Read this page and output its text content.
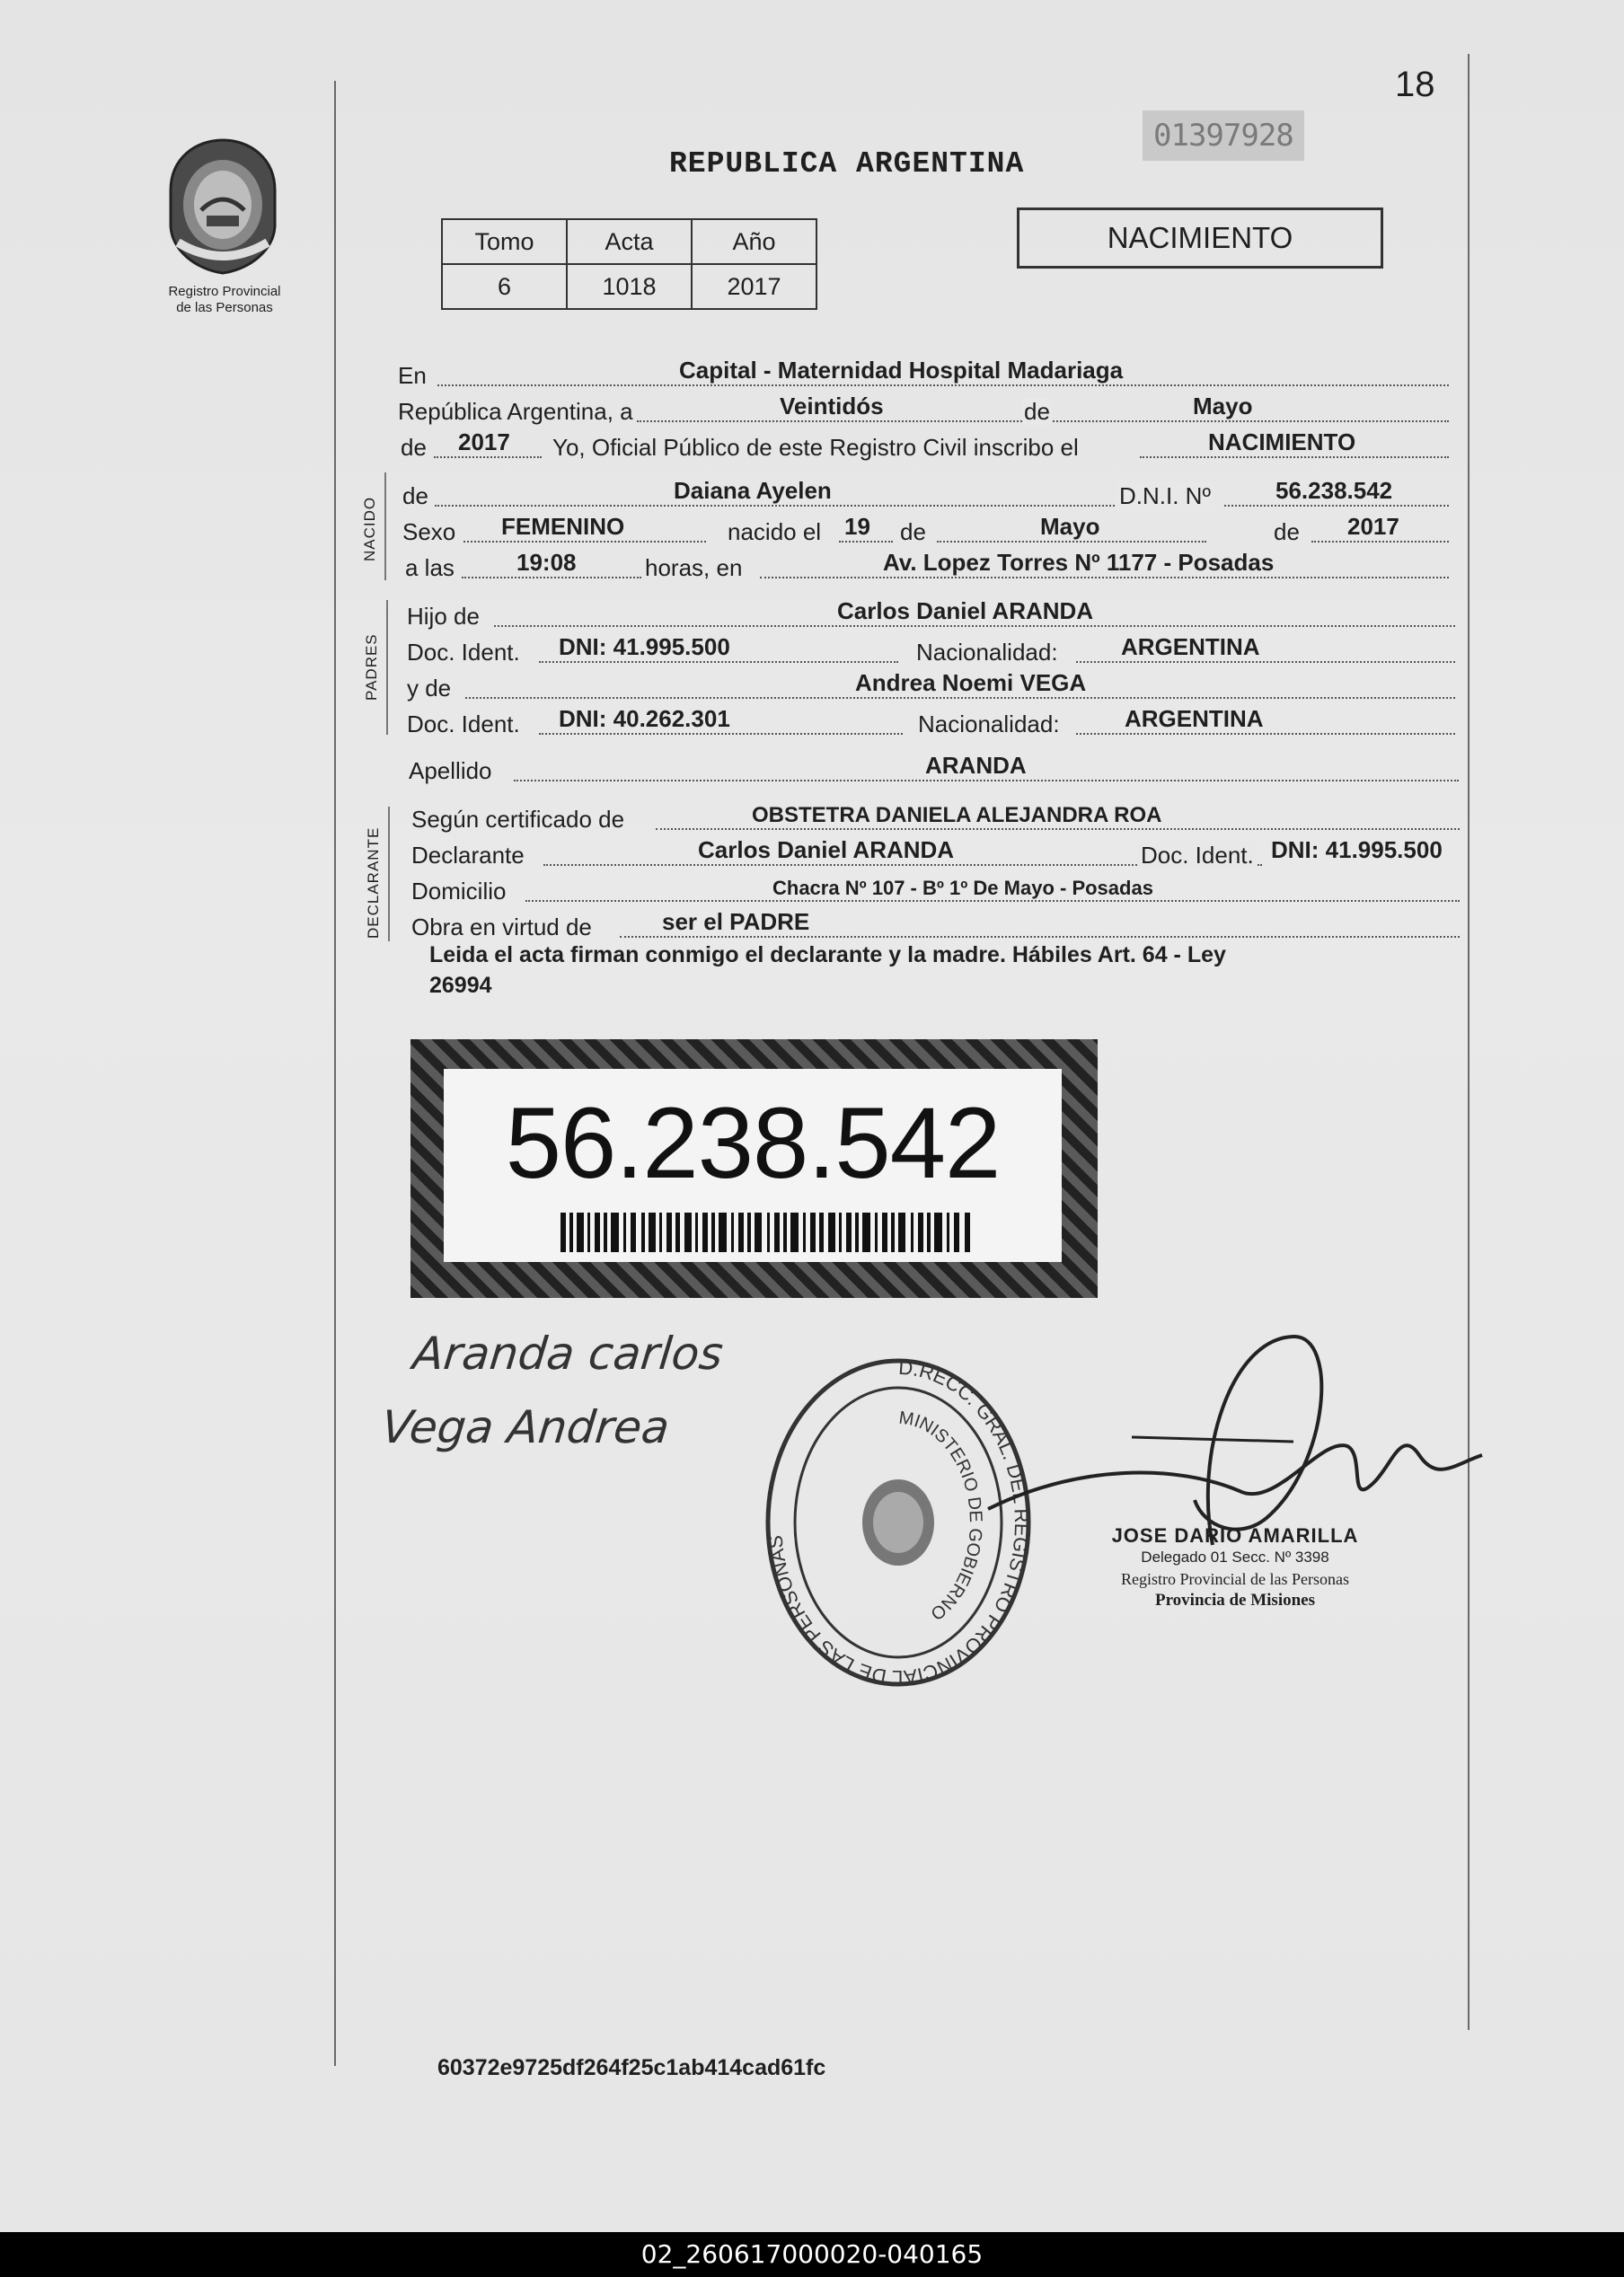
18
Registro Provincial
de las Personas
REPUBLICA ARGENTINA
01397928
Tomo	Acta	Año
6	1018	2017
NACIMIENTO
En	Capital - Maternidad Hospital Madariaga
República Argentina, a	Veintidós	de	Mayo
de 2017 Yo, Oficial Público de este Registro Civil inscribo el	NACIMIENTO
NACIDO
de	Daiana Ayelen	D.N.I. Nº	56.238.542
Sexo FEMENINO	nacido el 19 de	Mayo	de 2017
a las	19:08	horas, en	Av. Lopez Torres Nº 1177 - Posadas
PADRES
Hijo de	Carlos Daniel ARANDA
Doc. Ident. DNI: 41.995.500	Nacionalidad:	ARGENTINA
y de	Andrea Noemi VEGA
Doc. Ident. DNI: 40.262.301	Nacionalidad:	ARGENTINA
Apellido	ARANDA
DECLARANTE
Según certificado de	OBSTETRA DANIELA ALEJANDRA ROA
Declarante	Carlos Daniel ARANDA	Doc. Ident. DNI: 41.995.500
Domicilio	Chacra Nº 107 - Bº 1º De Mayo - Posadas
Obra en virtud de	ser el PADRE
Leida el acta firman conmigo el declarante y la madre. Hábiles Art. 64 - Ley
26994
56.238.542
Aranda carlos
Vega Andrea
D.RECC. GRAL. DEL REGISTRO PROVINCIAL DE LAS PERSONAS
MINISTERIO DE GOBIERNO
JOSE DARIO AMARILLA
Delegado 01 Secc. Nº 3398
Registro Provincial de las Personas
Provincia de Misiones
60372e9725df264f25c1ab414cad61fc
02_260617000020-040165
